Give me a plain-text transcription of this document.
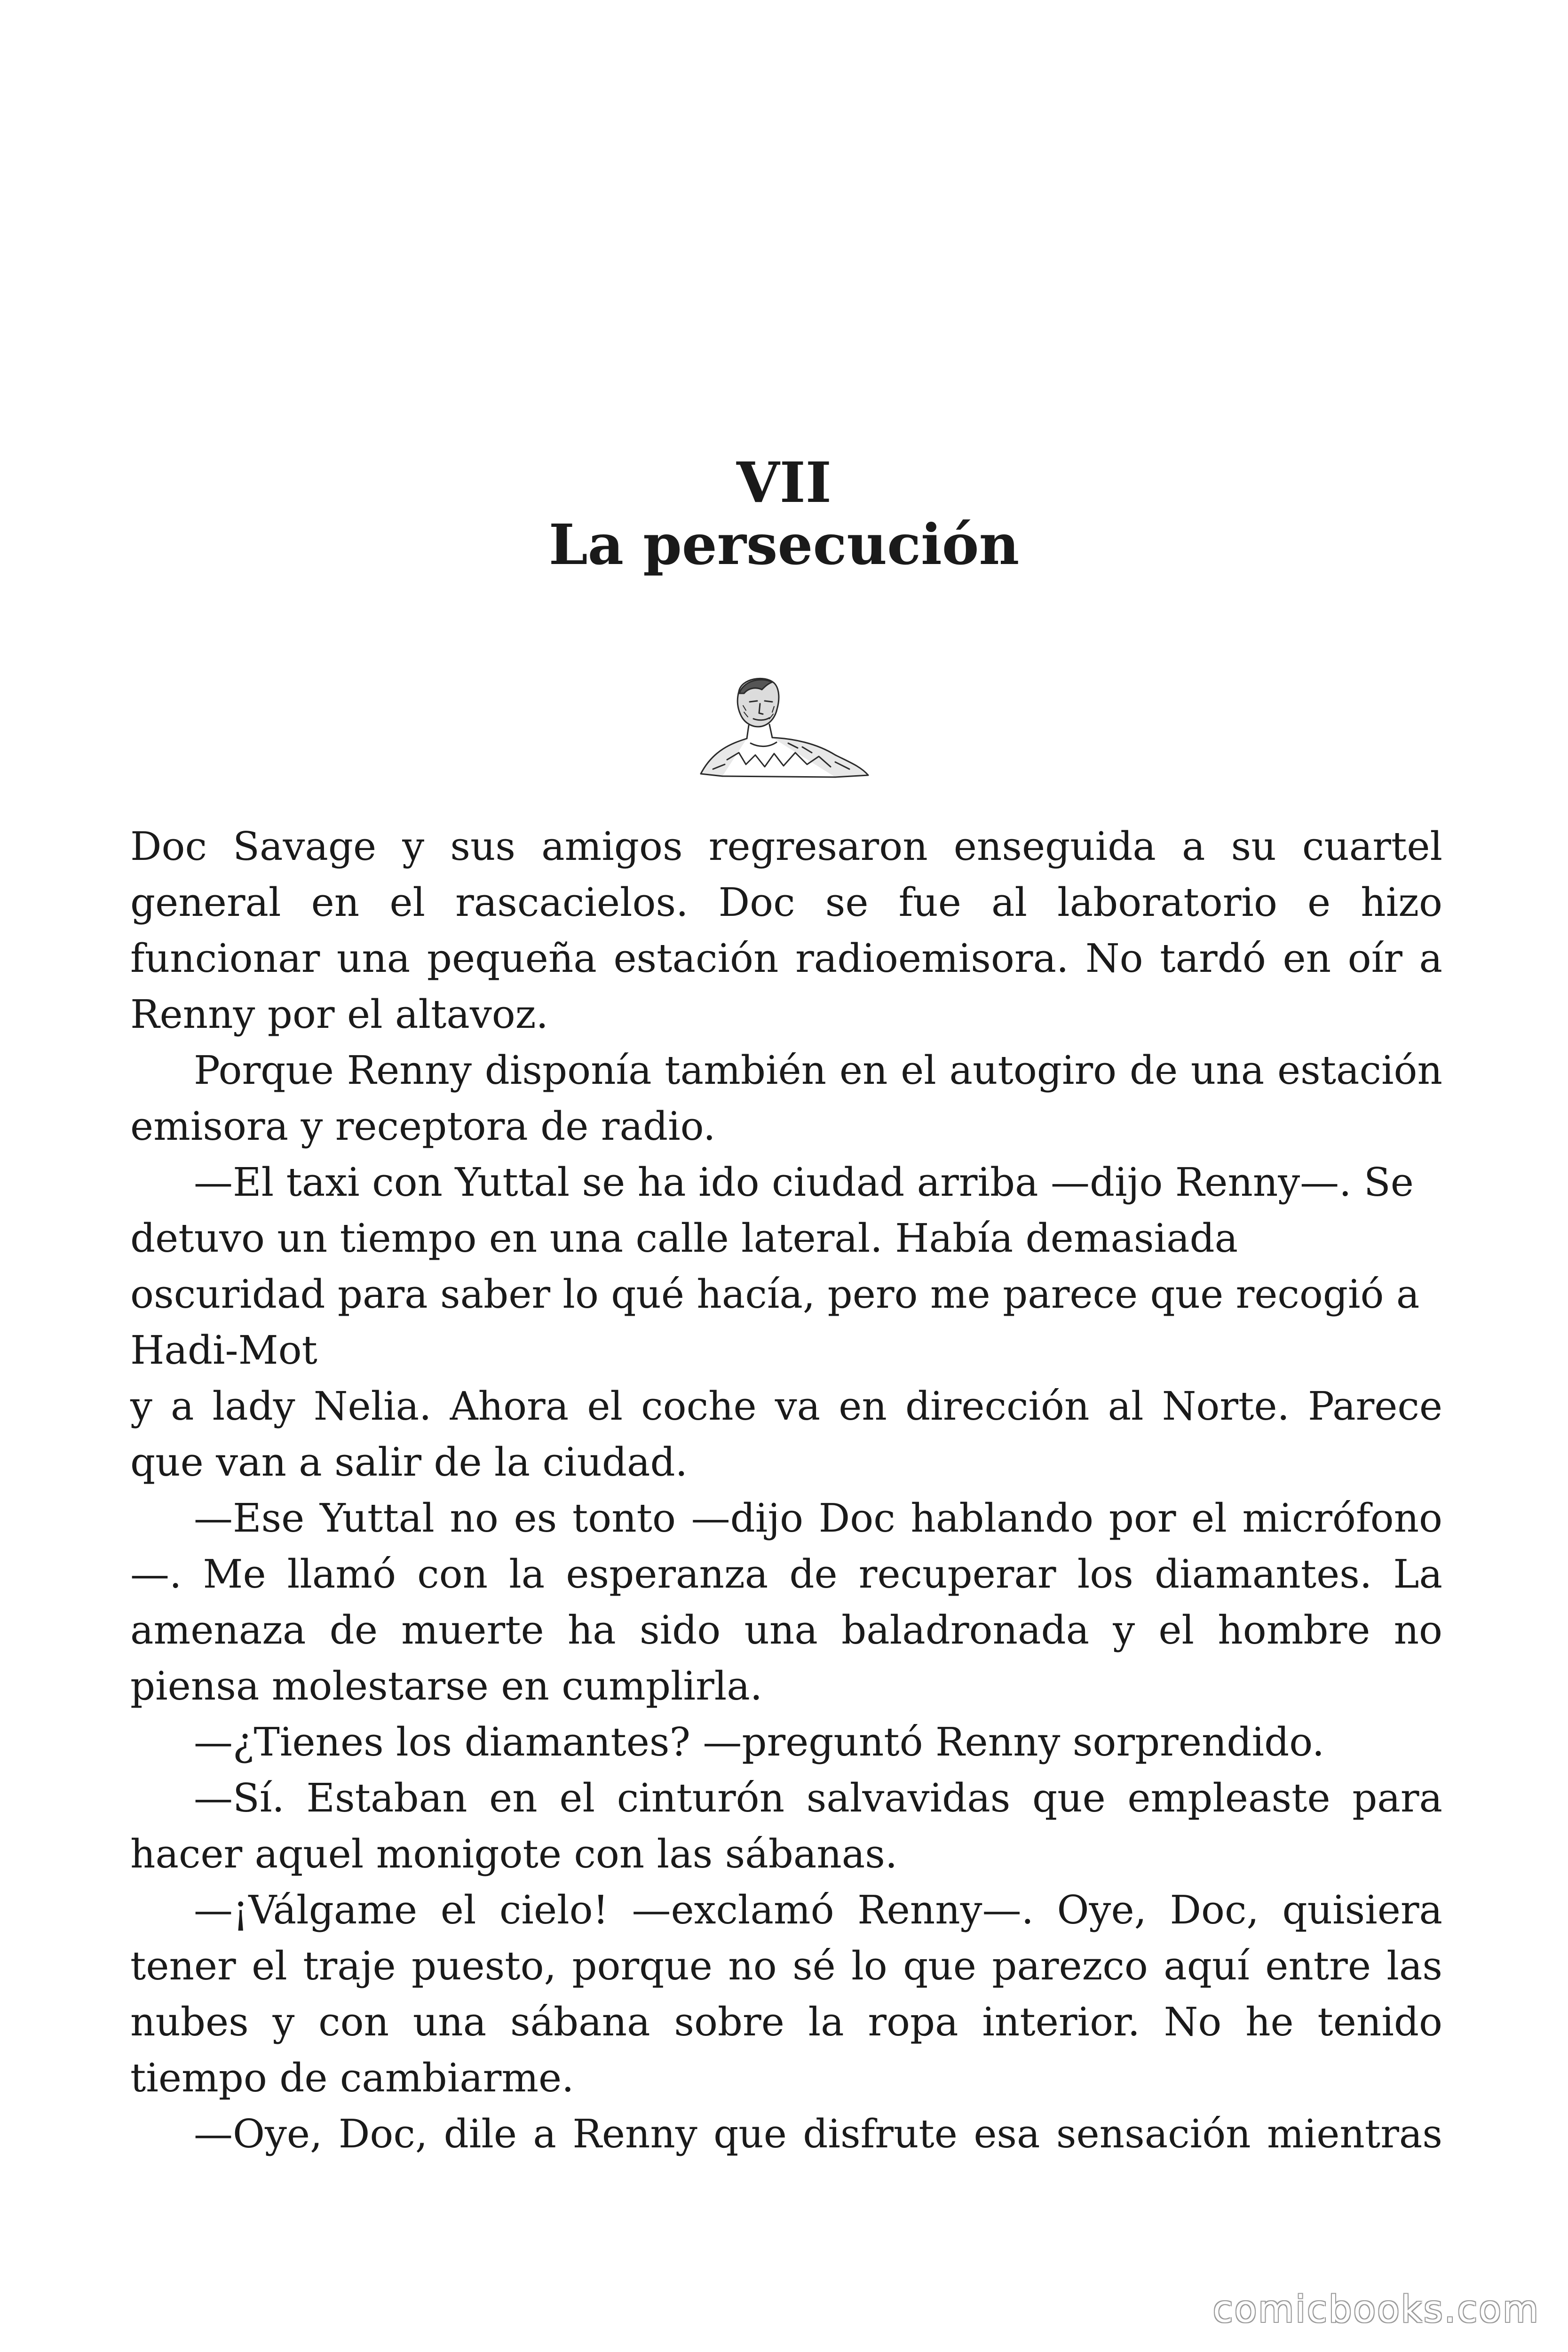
VII
La persecución

Doc Savage y sus amigos regresaron enseguida a su cuartel general en el rascacielos. Doc se fue al laboratorio e hizo funcionar una pequeña estación radioemisora. No tardó en oír a Renny por el altavoz.

Porque Renny disponía también en el autogiro de una estación emisora y receptora de radio.

—El taxi con Yuttal se ha ido ciudad arriba —dijo Renny—. Se detuvo un tiempo en una calle lateral. Había demasiada oscuridad para saber lo qué hacía, pero me parece que recogió a

Hadi-Mot

y a lady Nelia. Ahora el coche va en dirección al Norte. Parece que van a salir de la ciudad.

—Ese Yuttal no es tonto —dijo Doc hablando por el micrófono —. Me llamó con la esperanza de recuperar los diamantes. La amenaza de muerte ha sido una baladronada y el hombre no piensa molestarse en cumplirla.

—¿Tienes los diamantes? —preguntó Renny sorprendido.

—Sí. Estaban en el cinturón salvavidas que empleaste para hacer aquel monigote con las sábanas.

—¡Válgame el cielo! —exclamó Renny—. Oye, Doc, quisiera tener el traje puesto, porque no sé lo que parezco aquí entre las nubes y con una sábana sobre la ropa interior. No he tenido tiempo de cambiarme.

—Oye, Doc, dile a Renny que disfrute esa sensación mientras

comicbooks.com
